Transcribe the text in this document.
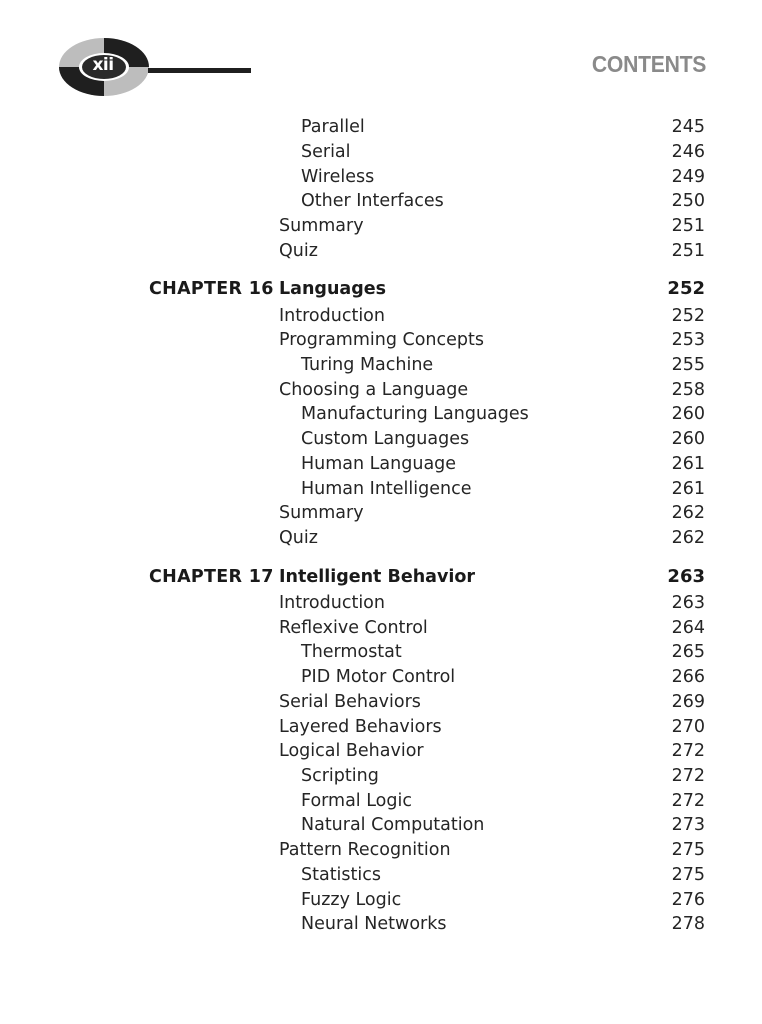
xii	CONTENTS
Parallel	245
Serial	246
Wireless	249
Other Interfaces	250
Summary	251
Quiz	251
CHAPTER 16 Languages	252
Introduction	252
Programming Concepts	253
Turing Machine	255
Choosing a Language	258
Manufacturing Languages	260
Custom Languages	260
Human Language	261
Human Intelligence	261
Summary	262
Quiz	262
CHAPTER 17 Intelligent Behavior	263
Introduction	263
Reflexive Control	264
Thermostat	265
PID Motor Control	266
Serial Behaviors	269
Layered Behaviors	270
Logical Behavior	272
Scripting	272
Formal Logic	272
Natural Computation	273
Pattern Recognition	275
Statistics	275
Fuzzy Logic	276
Neural Networks	278
